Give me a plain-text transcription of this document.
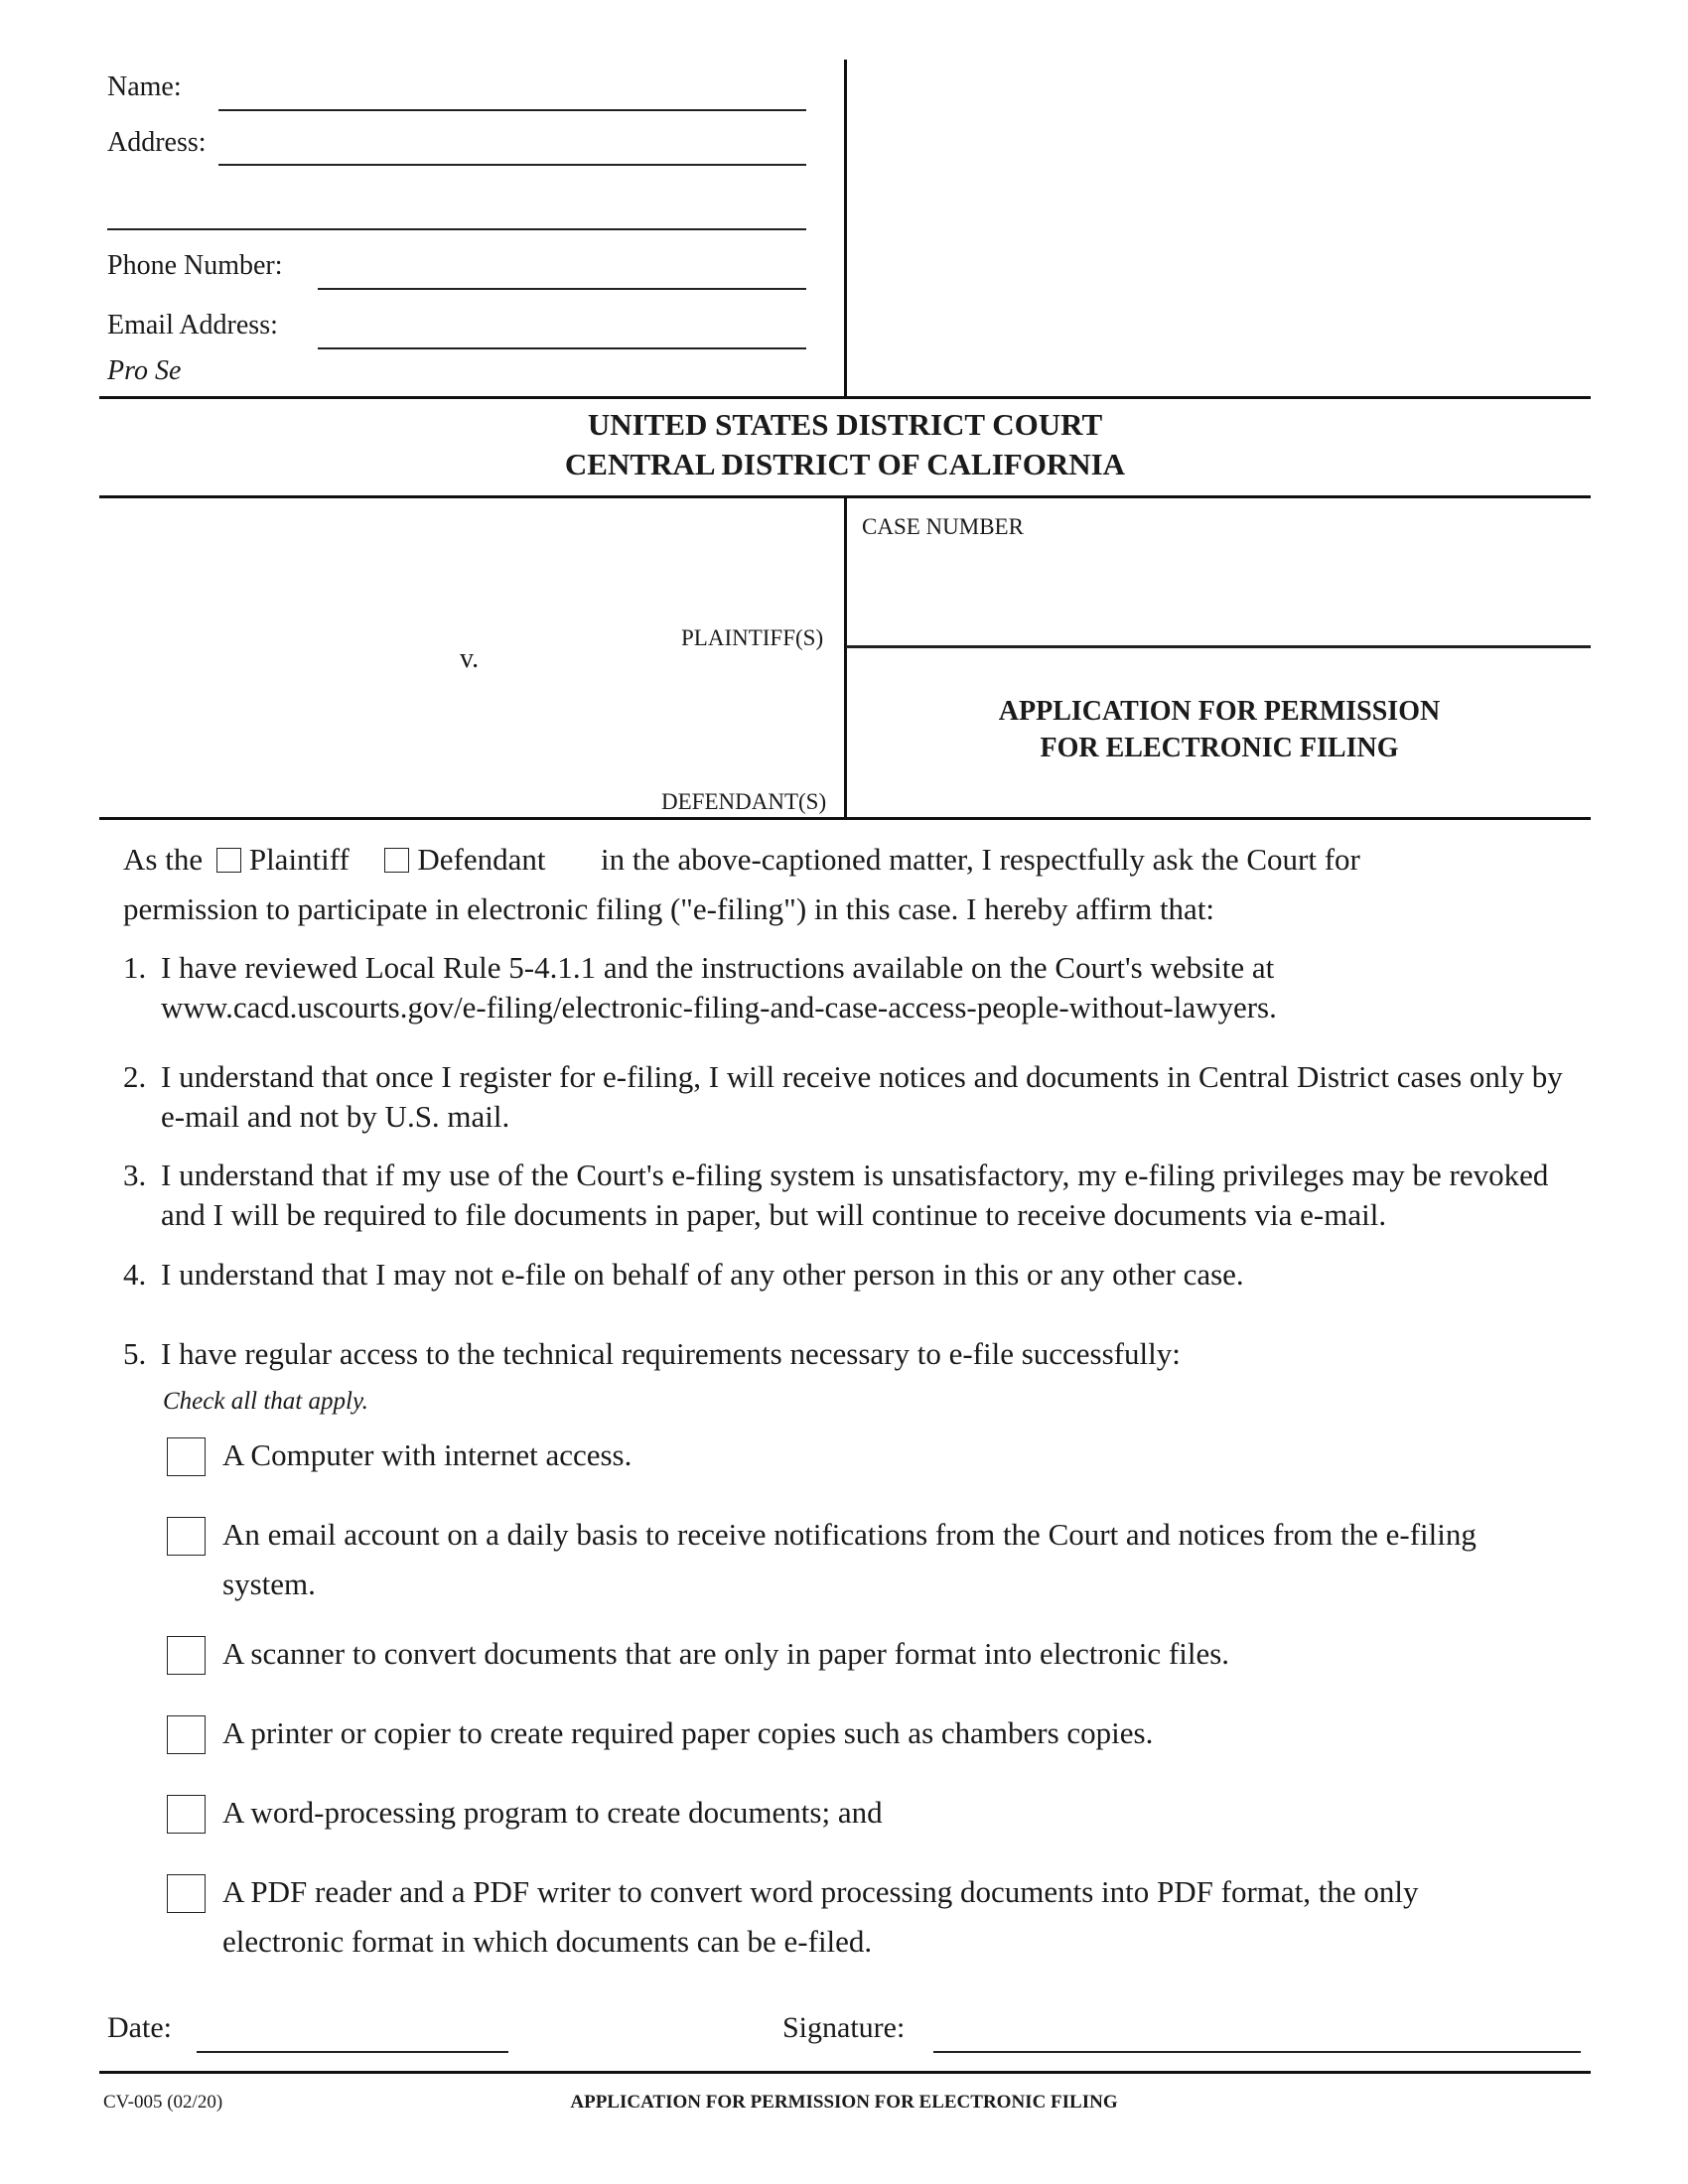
Name:
Address:
Phone Number:
Email Address:
Pro Se
UNITED STATES DISTRICT COURT
CENTRAL DISTRICT OF CALIFORNIA
CASE NUMBER
PLAINTIFF(S)
v.
DEFENDANT(S)
APPLICATION FOR PERMISSION
FOR ELECTRONIC FILING
As the Plaintiff Defendant in the above-captioned matter, I respectfully ask the Court for
permission to participate in electronic filing ("e-filing") in this case. I hereby affirm that:
1. I have reviewed Local Rule 5-4.1.1 and the instructions available on the Court's website at www.cacd.uscourts.gov/e-filing/electronic-filing-and-case-access-people-without-lawyers.
2. I understand that once I register for e-filing, I will receive notices and documents in Central District cases only by e-mail and not by U.S. mail.
3. I understand that if my use of the Court's e-filing system is unsatisfactory, my e-filing privileges may be revoked and I will be required to file documents in paper, but will continue to receive documents via e-mail.
4. I understand that I may not e-file on behalf of any other person in this or any other case.
5. I have regular access to the technical requirements necessary to e-file successfully:
Check all that apply.
A Computer with internet access.
An email account on a daily basis to receive notifications from the Court and notices from the e-filing system.
A scanner to convert documents that are only in paper format into electronic files.
A printer or copier to create required paper copies such as chambers copies.
A word-processing program to create documents; and
A PDF reader and a PDF writer to convert word processing documents into PDF format, the only electronic format in which documents can be e-filed.
Date:	Signature:
CV-005 (02/20)	APPLICATION FOR PERMISSION FOR ELECTRONIC FILING
